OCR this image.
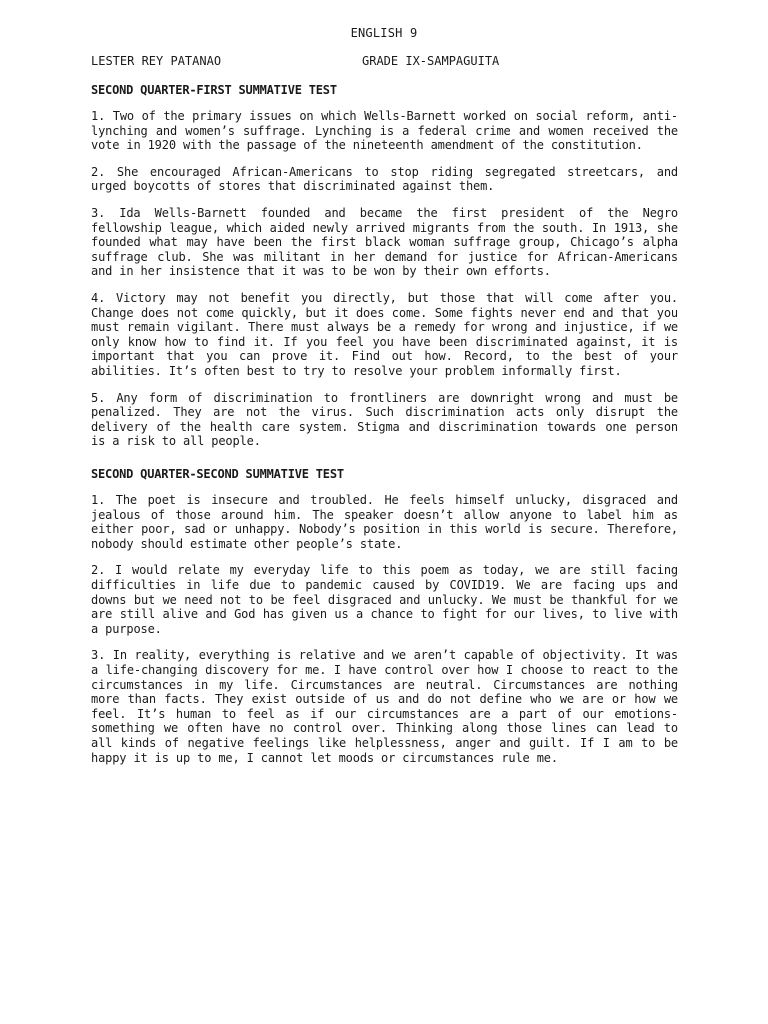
ENGLISH 9
LESTER REY PATANAO	GRADE IX-SAMPAGUITA
SECOND QUARTER-FIRST SUMMATIVE TEST

1. Two of the primary issues on which Wells-Barnett worked on social reform, anti-lynching and women’s suffrage. Lynching is a federal crime and women received the vote in 1920 with the passage of the nineteenth amendment of the constitution.

2. She encouraged African-Americans to stop riding segregated streetcars, and urged boycotts of stores that discriminated against them.

3. Ida Wells-Barnett founded and became the first president of the Negro fellowship league, which aided newly arrived migrants from the south. In 1913, she founded what may have been the first black woman suffrage group, Chicago’s alpha suffrage club. She was militant in her demand for justice for African-Americans and in her insistence that it was to be won by their own efforts.

4. Victory may not benefit you directly, but those that will come after you. Change does not come quickly, but it does come. Some fights never end and that you must remain vigilant. There must always be a remedy for wrong and injustice, if we only know how to find it. If you feel you have been discriminated against, it is important that you can prove it. Find out how. Record, to the best of your abilities. It’s often best to try to resolve your problem informally first.

5. Any form of discrimination to frontliners are downright wrong and must be penalized. They are not the virus. Such discrimination acts only disrupt the delivery of the health care system. Stigma and discrimination towards one person is a risk to all people.

SECOND QUARTER-SECOND SUMMATIVE TEST

1. The poet is insecure and troubled. He feels himself unlucky, disgraced and jealous of those around him. The speaker doesn’t allow anyone to label him as either poor, sad or unhappy. Nobody’s position in this world is secure. Therefore, nobody should estimate other people’s state.

2. I would relate my everyday life to this poem as today, we are still facing difficulties in life due to pandemic caused by COVID19. We are facing ups and downs but we need not to be feel disgraced and unlucky. We must be thankful for we are still alive and God has given us a chance to fight for our lives, to live with a purpose.

3. In reality, everything is relative and we aren’t capable of objectivity. It was a life-changing discovery for me. I have control over how I choose to react to the circumstances in my life. Circumstances are neutral. Circumstances are nothing more than facts. They exist outside of us and do not define who we are or how we feel. It’s human to feel as if our circumstances are a part of our emotions-something we often have no control over. Thinking along those lines can lead to all kinds of negative feelings like helplessness, anger and guilt. If I am to be happy it is up to me, I cannot let moods or circumstances rule me.
